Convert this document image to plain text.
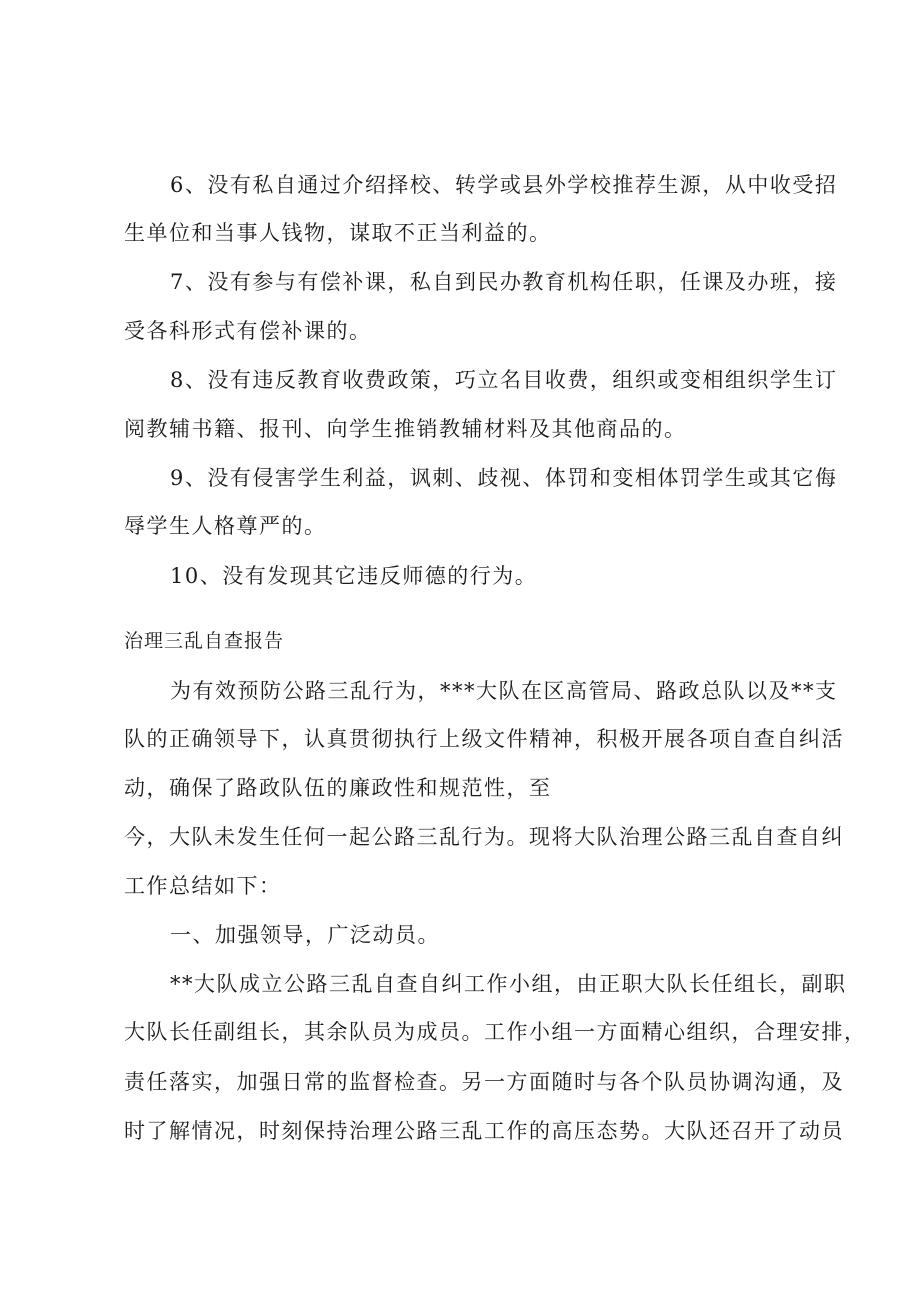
6、没有私自通过介绍择校、转学或县外学校推荐生源，从中收受招
生单位和当事人钱物，谋取不正当利益的。
7、没有参与有偿补课，私自到民办教育机构任职，任课及办班，接
受各科形式有偿补课的。
8、没有违反教育收费政策，巧立名目收费，组织或变相组织学生订
阅教辅书籍、报刊、向学生推销教辅材料及其他商品的。
9、没有侵害学生利益，讽刺、歧视、体罚和变相体罚学生或其它侮
辱学生人格尊严的。
10、没有发现其它违反师德的行为。
治理三乱自查报告
为有效预防公路三乱行为，***大队在区高管局、路政总队以及**支
队的正确领导下，认真贯彻执行上级文件精神，积极开展各项自查自纠活
动，确保了路政队伍的廉政性和规范性，至
今，大队未发生任何一起公路三乱行为。现将大队治理公路三乱自查自纠
工作总结如下：
一、加强领导，广泛动员。
**大队成立公路三乱自查自纠工作小组，由正职大队长任组长，副职
大队长任副组长，其余队员为成员。工作小组一方面精心组织，合理安排，
责任落实，加强日常的监督检查。另一方面随时与各个队员协调沟通，及
时了解情况，时刻保持治理公路三乱工作的高压态势。大队还召开了动员
